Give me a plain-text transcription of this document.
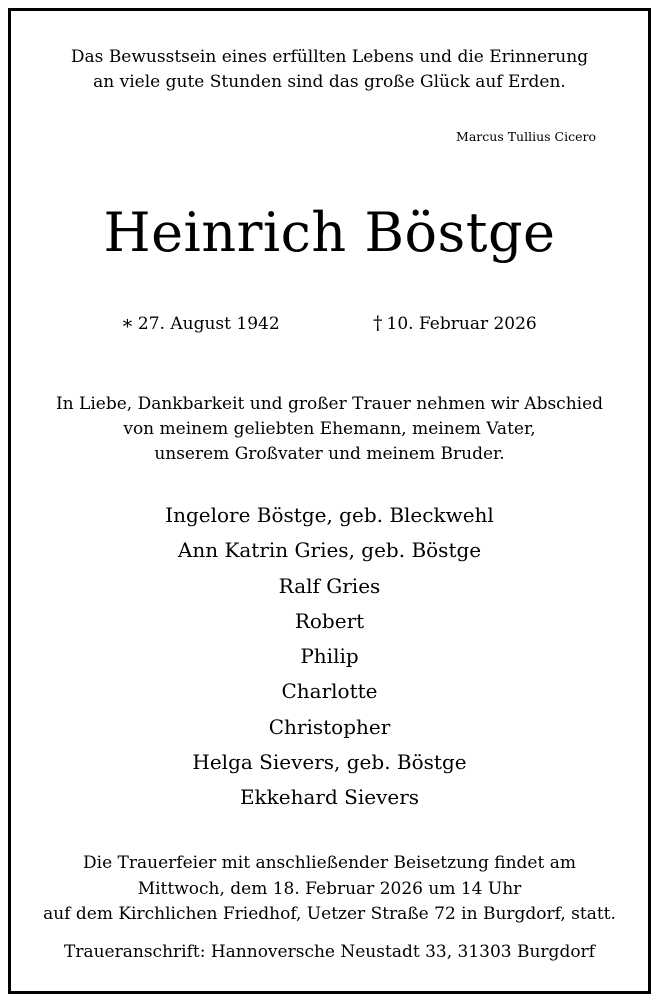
Das Bewusstsein eines erfüllten Lebens und die Erinnerung
an viele gute Stunden sind das große Glück auf Erden.
Marcus Tullius Cicero
Heinrich Böstge
∗ 27. August 1942	† 10. Februar 2026
In Liebe, Dankbarkeit und großer Trauer nehmen wir Abschied
von meinem geliebten Ehemann, meinem Vater,
unserem Großvater und meinem Bruder.
Ingelore Böstge, geb. Bleckwehl
Ann Katrin Gries, geb. Böstge
Ralf Gries
Robert
Philip
Charlotte
Christopher
Helga Sievers, geb. Böstge
Ekkehard Sievers
Die Trauerfeier mit anschließender Beisetzung findet am
Mittwoch, dem 18. Februar 2026 um 14 Uhr
auf dem Kirchlichen Friedhof, Uetzer Straße 72 in Burgdorf, statt.
Traueranschrift: Hannoversche Neustadt 33, 31303 Burgdorf
